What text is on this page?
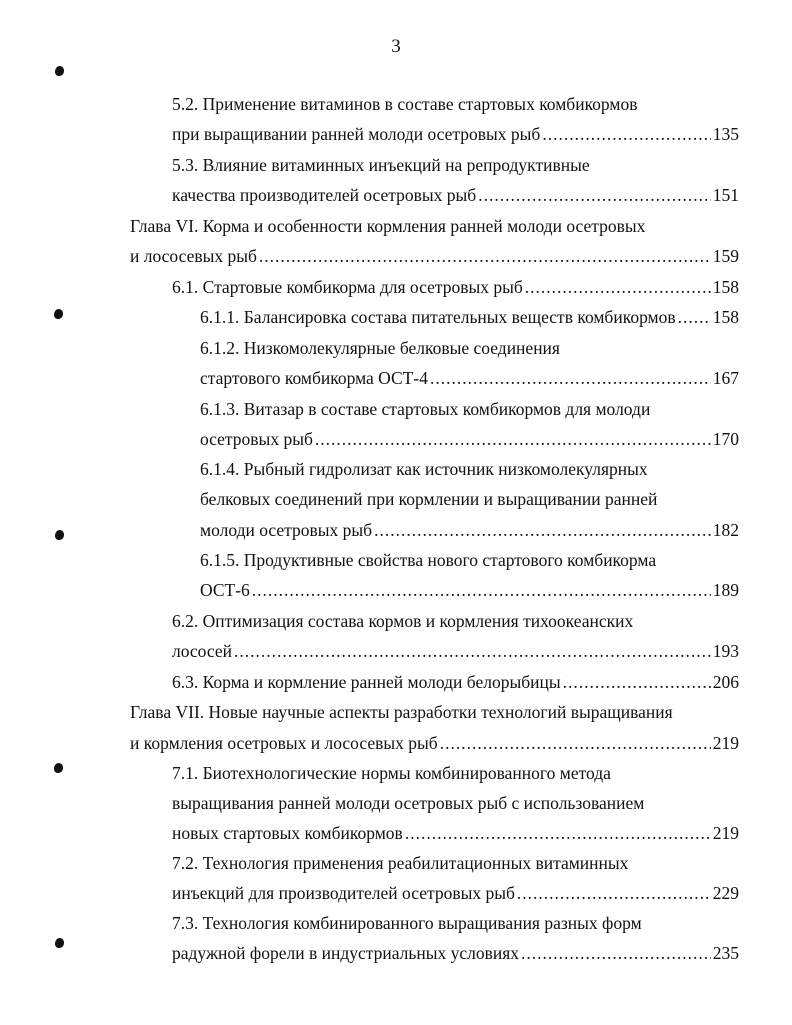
3
5.2. Применение витаминов в составе стартовых комбикормов
при выращивании ранней молоди осетровых рыб .....	135
5.3. Влияние витаминных инъекций на репродуктивные
качества производителей осетровых рыб .....	151
Глава VI. Корма и особенности кормления ранней молоди осетровых
и лососевых рыб .....	159
6.1. Стартовые комбикорма для осетровых рыб .....	158
6.1.1. Балансировка состава питательных веществ комбикормов ..... 158
6.1.2. Низкомолекулярные белковые соединения
стартового комбикорма ОСТ-4 .....	167
6.1.3. Витазар в составе стартовых комбикормов для молоди
осетровых рыб .....	170
6.1.4. Рыбный гидролизат как источник низкомолекулярных
белковых соединений при кормлении и выращивании ранней
молоди осетровых рыб .....	182
6.1.5. Продуктивные свойства нового стартового комбикорма
ОСТ-6 .....	189
6.2. Оптимизация состава кормов и кормления тихоокеанских
лососей .....	193
6.3. Корма и кормление ранней молоди белорыбицы .....	206
Глава VII. Новые научные аспекты разработки технологий выращивания
и кормления осетровых и лососевых рыб .....	219
7.1. Биотехнологические нормы комбинированного метода
выращивания ранней молоди осетровых рыб с использованием
новых стартовых комбикормов .....	219
7.2. Технология применения реабилитационных витаминных
инъекций для производителей осетровых рыб .....	229
7.3. Технология комбинированного выращивания разных форм
радужной форели в индустриальных условиях .....	235
